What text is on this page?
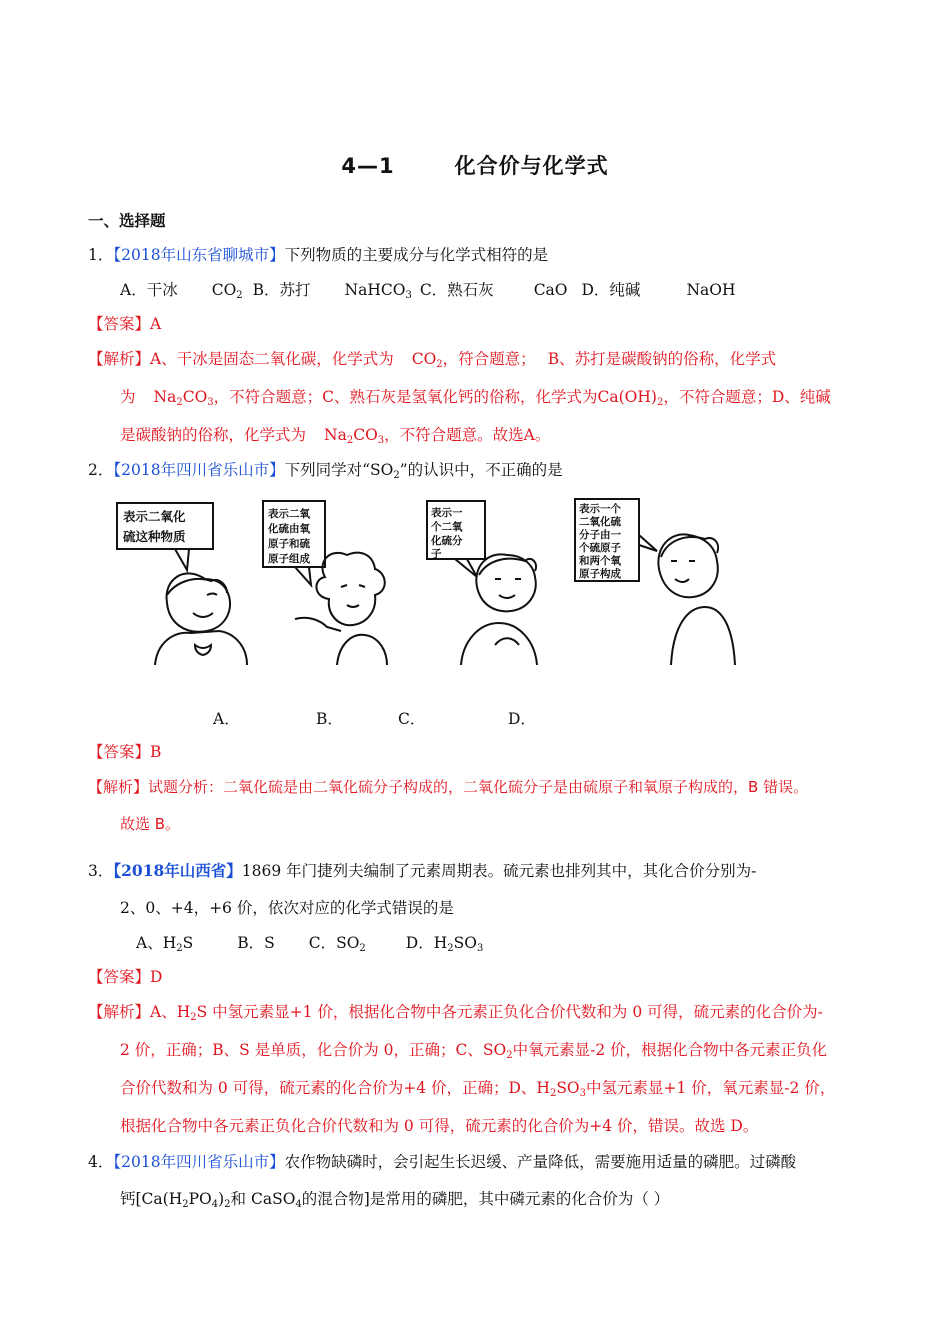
4—1	化合价与化学式
一、选择题
1．【2018年山东省聊城市】下列物质的主要成分与化学式相符的是
A．干冰 $CO_2$ B．苏打 NaHCO$_3$ C．熟石灰	CaO D．纯碱	NaOH
【答案】A
【解析】A、干冰是固态二氧化碳，化学式为 $CO_2$，符合题意； B、苏打是碳酸钠的俗称，化学式
为 $Na_2CO_3$，不符合题意；C、熟石灰是氢氧化钙的俗称，化学式为$Ca(OH)_2$，不符合题意；D、纯碱
是碳酸钠的俗称，化学式为 $Na_2CO_3$，不符合题意。故选A。
2．【2018年四川省乐山市】下列同学对“$SO_2$”的认识中，不正确的是
表示二氧化
硫这种物质
表示二氧
化硫由氧
原子和硫
原子组成
表示一
个二氧
化硫分
子
表示一个
二氧化硫
分子由一
个硫原子
和两个氧
原子构成
A．	B．	C．	D．
【答案】B
【解析】试题分析：二氧化硫是由二氧化硫分子构成的，二氧化硫分子是由硫原子和氧原子构成的，B 错误。
故选 B。
3．【2018年山西省】1869 年门捷列夫编制了元素周期表。硫元素也排列其中，其化合价分别为-
2、0、+4，+6 价，依次对应的化学式错误的是
A、$H_2S$	B．S C．$SO_2$	D．$H_2SO_3$
【答案】D
【解析】A、$H_2S$ 中氢元素显+1 价，根据化合物中各元素正负化合价代数和为 0 可得，硫元素的化合价为-
2 价，正确；B、S 是单质，化合价为 0，正确；C、$SO_2$中氧元素显-2 价，根据化合物中各元素正负化
合价代数和为 0 可得，硫元素的化合价为+4 价，正确；D、$H_2SO_3$中氢元素显+1 价，氧元素显-2 价，
根据化合物中各元素正负化合价代数和为 0 可得，硫元素的化合价为+4 价，错误。故选 D。
4．【2018年四川省乐山市】农作物缺磷时，会引起生长迟缓、产量降低，需要施用适量的磷肥。过磷酸
钙[$Ca(H_2PO_4)_2$和 CaSO$_4$的混合物]是常用的磷肥，其中磷元素的化合价为（ ）
